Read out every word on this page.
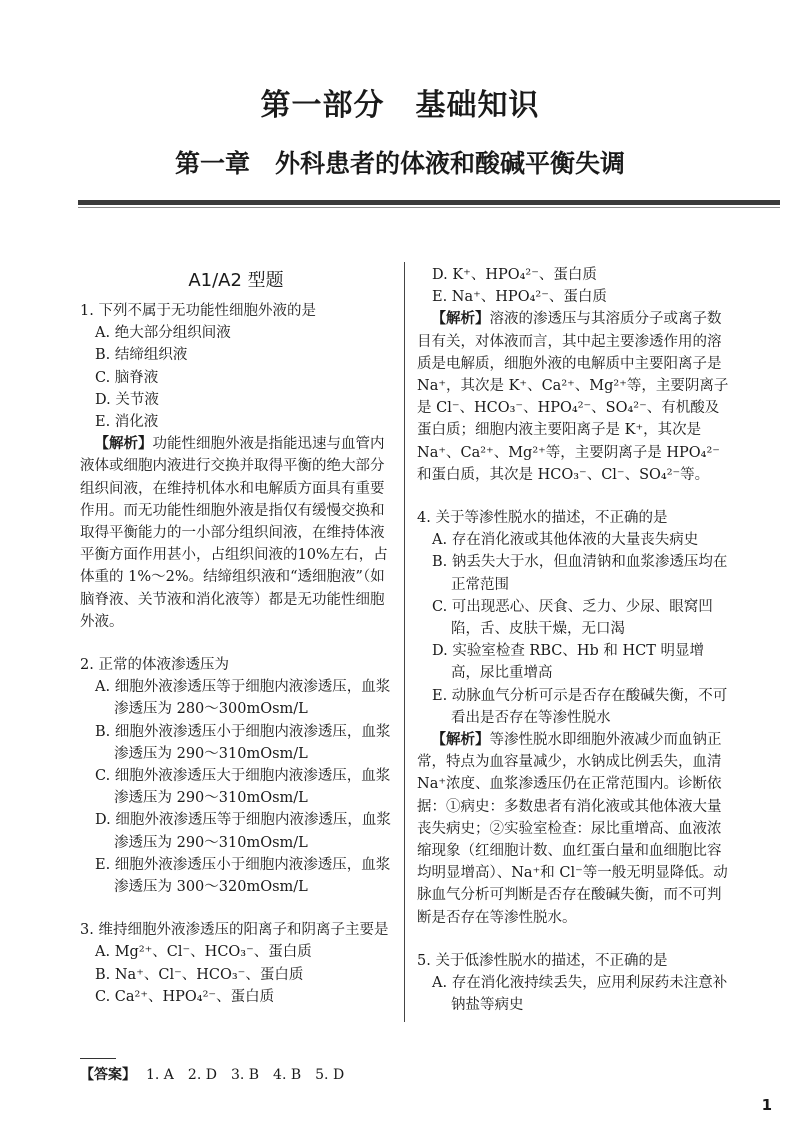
第一部分　基础知识
第一章　外科患者的体液和酸碱平衡失调
A1/A2 型题
1. 下列不属于无功能性细胞外液的是
A. 绝大部分组织间液
B. 结缔组织液
C. 脑脊液
D. 关节液
E. 消化液

【解析】功能性细胞外液是指能迅速与血管内液体或细胞内液进行交换并取得平衡的绝大部分组织间液，在维持机体水和电解质方面具有重要作用。而无功能性细胞外液是指仅有缓慢交换和取得平衡能力的一小部分组织间液，在维持体液平衡方面作用甚小，占组织间液的10%左右，占体重的 1%～2%。结缔组织液和“透细胞液”（如脑脊液、关节液和消化液等）都是无功能性细胞外液。

2. 正常的体液渗透压为
A. 细胞外液渗透压等于细胞内液渗透压，血浆渗透压为 280～300mOsm/L
B. 细胞外液渗透压小于细胞内液渗透压，血浆渗透压为 290～310mOsm/L
C. 细胞外液渗透压大于细胞内液渗透压，血浆渗透压为 290～310mOsm/L
D. 细胞外液渗透压等于细胞内液渗透压，血浆渗透压为 290～310mOsm/L
E. 细胞外液渗透压小于细胞内液渗透压，血浆渗透压为 300～320mOsm/L
3. 维持细胞外液渗透压的阳离子和阴离子主要是
A. Mg²⁺、Cl⁻、HCO₃⁻、蛋白质
B. Na⁺、Cl⁻、HCO₃⁻、蛋白质
C. Ca²⁺、HPO₄²⁻、蛋白质
D. K⁺、HPO₄²⁻、蛋白质
E. Na⁺、HPO₄²⁻、蛋白质

【解析】溶液的渗透压与其溶质分子或离子数目有关，对体液而言，其中起主要渗透作用的溶质是电解质，细胞外液的电解质中主要阳离子是 Na⁺，其次是 K⁺、Ca²⁺、Mg²⁺等，主要阴离子是 Cl⁻、HCO₃⁻、HPO₄²⁻、SO₄²⁻、有机酸及蛋白质；细胞内液主要阳离子是 K⁺，其次是 Na⁺、Ca²⁺、Mg²⁺等，主要阴离子是 HPO₄²⁻和蛋白质，其次是 HCO₃⁻、Cl⁻、SO₄²⁻等。

4. 关于等渗性脱水的描述，不正确的是
A. 存在消化液或其他体液的大量丧失病史
B. 钠丢失大于水，但血清钠和血浆渗透压均在正常范围
C. 可出现恶心、厌食、乏力、少尿、眼窝凹陷，舌、皮肤干燥，无口渴
D. 实验室检查 RBC、Hb 和 HCT 明显增高，尿比重增高
E. 动脉血气分析可示是否存在酸碱失衡，不可看出是否存在等渗性脱水

【解析】等渗性脱水即细胞外液减少而血钠正常，特点为血容量减少，水钠成比例丢失，血清 Na⁺浓度、血浆渗透压仍在正常范围内。诊断依据：①病史：多数患者有消化液或其他体液大量丧失病史；②实验室检查：尿比重增高、血液浓缩现象（红细胞计数、血红蛋白量和血细胞比容均明显增高）、Na⁺和 Cl⁻等一般无明显降低。动脉血气分析可判断是否存在酸碱失衡，而不可判断是否存在等渗性脱水。

5. 关于低渗性脱水的描述，不正确的是
A. 存在消化液持续丢失，应用利尿药未注意补钠盐等病史
【答案】 1. A　2. D　3. B　4. B　5. D
1
